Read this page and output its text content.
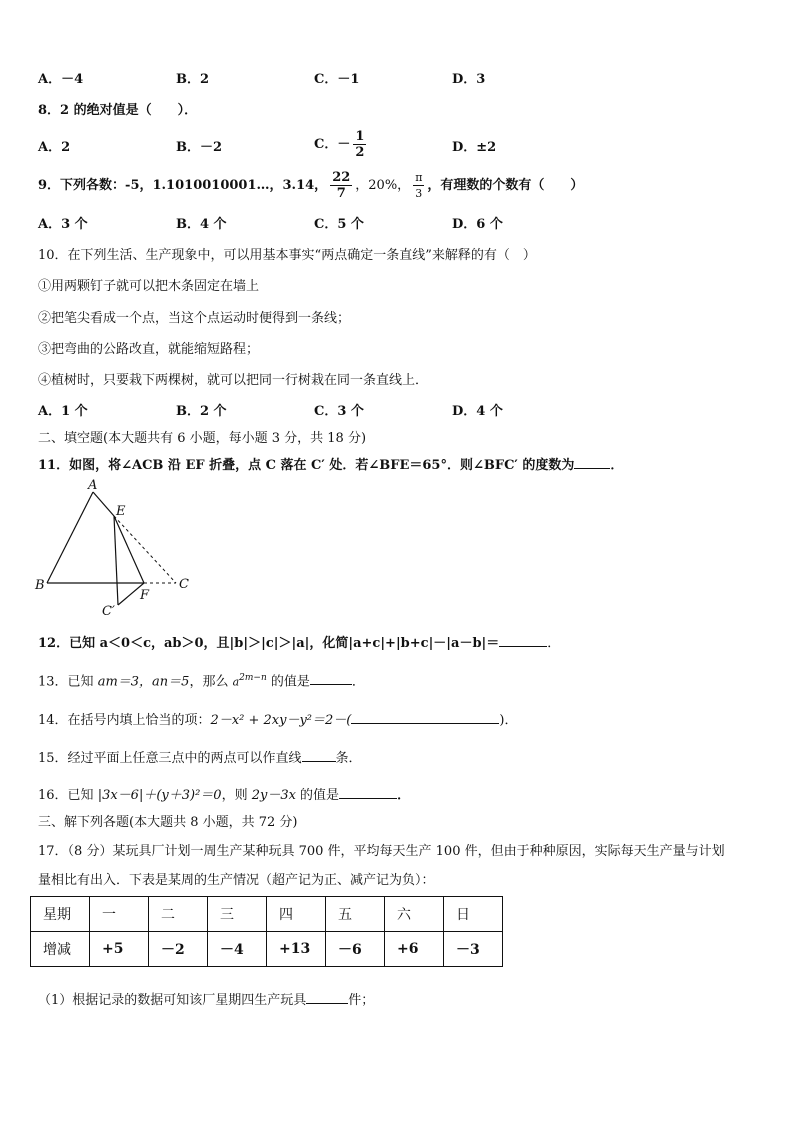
A．－4	B．2	C．－1	D．3
8．2 的绝对值是（　　）．
A．2	B．－2	C．－ $\frac{1}{2}$	D．±2
9．下列各数：-5，1.1010010001…，3.14， $\frac{22}{7}$ ，20%， $\frac{\pi}{3}$ ，有理数的个数有（　　）
A．3 个	B．4 个	C．5 个	D．6 个
10．在下列生活、生产现象中，可以用基本事实“两点确定一条直线”来解释的有（　）
①用两颗钉子就可以把木条固定在墙上
②把笔尖看成一个点，当这个点运动时便得到一条线；
③把弯曲的公路改直，就能缩短路程；
④植树时，只要栽下两棵树，就可以把同一行树栽在同一条直线上．
A．1 个	B．2 个	C．3 个	D．4 个
二、填空题(本大题共有 6 小题，每小题 3 分，共 18 分)
11．如图，将∠ACB 沿 EF 折叠，点 C 落在 C′ 处．若∠BFE＝65°．则∠BFC′ 的度数为	．
A
E
B	C
F
C′
12．已知 a＜0＜c，ab＞0，且|b|＞|c|＞|a|，化简|a+c|+|b+c|－|a－b|＝	．
13．已知 am＝3，an＝5，那么 $a^{2m-n}$ 的值是	．
14．在括号内填上恰当的项：2－x² + 2xy－y²＝2－(	)．
15．经过平面上任意三点中的两点可以作直线	条．
16．已知 |3x－6|＋(y＋3)²＝0，则 2y－3x 的值是	．
三、解下列各题(本大题共 8 小题，共 72 分)
17．（8 分）某玩具厂计划一周生产某种玩具 700 件，平均每天生产 100 件，但由于种种原因，实际每天生产量与计划
量相比有出入．下表是某周的生产情况（超产记为正、减产记为负）：
星期	一	二	三	四	五	六	日
增减	+5	－2	－4	+13	－6	+6	－3
（1）根据记录的数据可知该厂星期四生产玩具	件；
